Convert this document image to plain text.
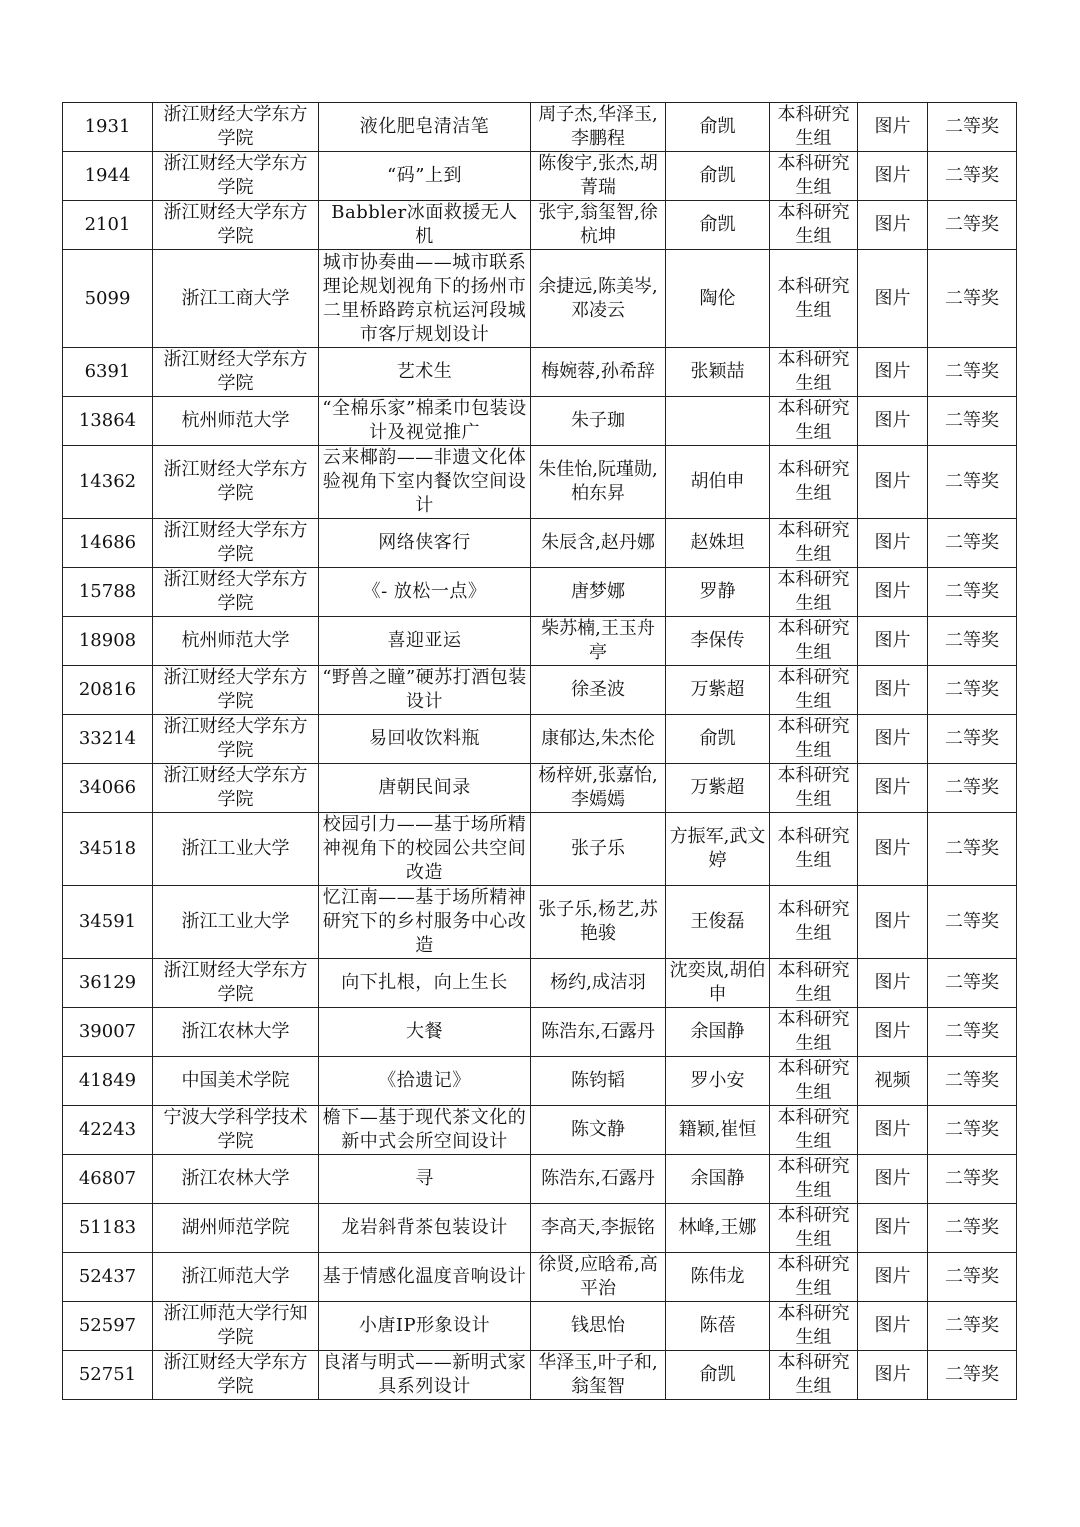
1931	浙江财经大学东方学院	液化肥皂清洁笔	周子杰,华泽玉,李鹏程	俞凯	本科研究生组	图片	二等奖
1944	浙江财经大学东方学院	“码”上到	陈俊宇,张杰,胡菁瑞	俞凯	本科研究生组	图片	二等奖
2101	浙江财经大学东方学院	Babbler冰面救援无人机	张宇,翁玺智,徐杭坤	俞凯	本科研究生组	图片	二等奖
5099	浙江工商大学	城市协奏曲——城市联系理论规划视角下的扬州市二里桥路跨京杭运河段城市客厅规划设计	余捷远,陈美岑,邓凌云	陶伦	本科研究生组	图片	二等奖
6391	浙江财经大学东方学院	艺术生	梅婉蓉,孙希辞	张颖喆	本科研究生组	图片	二等奖
13864	杭州师范大学	“全棉乐家”棉柔巾包装设计及视觉推广	朱子珈		本科研究生组	图片	二等奖
14362	浙江财经大学东方学院	云来椰韵——非遗文化体验视角下室内餐饮空间设计	朱佳怡,阮瑾勋,柏东昇	胡伯申	本科研究生组	图片	二等奖
14686	浙江财经大学东方学院	网络侠客行	朱辰含,赵丹娜	赵姝坦	本科研究生组	图片	二等奖
15788	浙江财经大学东方学院	《- 放松一点》	唐梦娜	罗静	本科研究生组	图片	二等奖
18908	杭州师范大学	喜迎亚运	柴苏楠,王玉舟亭	李保传	本科研究生组	图片	二等奖
20816	浙江财经大学东方学院	“野兽之瞳”硬苏打酒包装设计	徐圣波	万紫超	本科研究生组	图片	二等奖
33214	浙江财经大学东方学院	易回收饮料瓶	康郁达,朱杰伦	俞凯	本科研究生组	图片	二等奖
34066	浙江财经大学东方学院	唐朝民间录	杨梓妍,张嘉怡,李嫣嫣	万紫超	本科研究生组	图片	二等奖
34518	浙江工业大学	校园引力——基于场所精神视角下的校园公共空间改造	张子乐	方振军,武文婷	本科研究生组	图片	二等奖
34591	浙江工业大学	忆江南——基于场所精神研究下的乡村服务中心改造	张子乐,杨艺,苏艳骏	王俊磊	本科研究生组	图片	二等奖
36129	浙江财经大学东方学院	向下扎根，向上生长	杨约,成洁羽	沈奕岚,胡伯申	本科研究生组	图片	二等奖
39007	浙江农林大学	大餐	陈浩东,石露丹	余国静	本科研究生组	图片	二等奖
41849	中国美术学院	《拾遗记》	陈钧韬	罗小安	本科研究生组	视频	二等奖
42243	宁波大学科学技术学院	檐下—基于现代茶文化的新中式会所空间设计	陈文静	籍颖,崔恒	本科研究生组	图片	二等奖
46807	浙江农林大学	寻	陈浩东,石露丹	余国静	本科研究生组	图片	二等奖
51183	湖州师范学院	龙岩斜背茶包装设计	李高天,李振铭	林峰,王娜	本科研究生组	图片	二等奖
52437	浙江师范大学	基于情感化温度音响设计	徐贤,应晗希,高平治	陈伟龙	本科研究生组	图片	二等奖
52597	浙江师范大学行知学院	小唐IP形象设计	钱思怡	陈蓓	本科研究生组	图片	二等奖
52751	浙江财经大学东方学院	良渚与明式——新明式家具系列设计	华泽玉,叶子和,翁玺智	俞凯	本科研究生组	图片	二等奖
